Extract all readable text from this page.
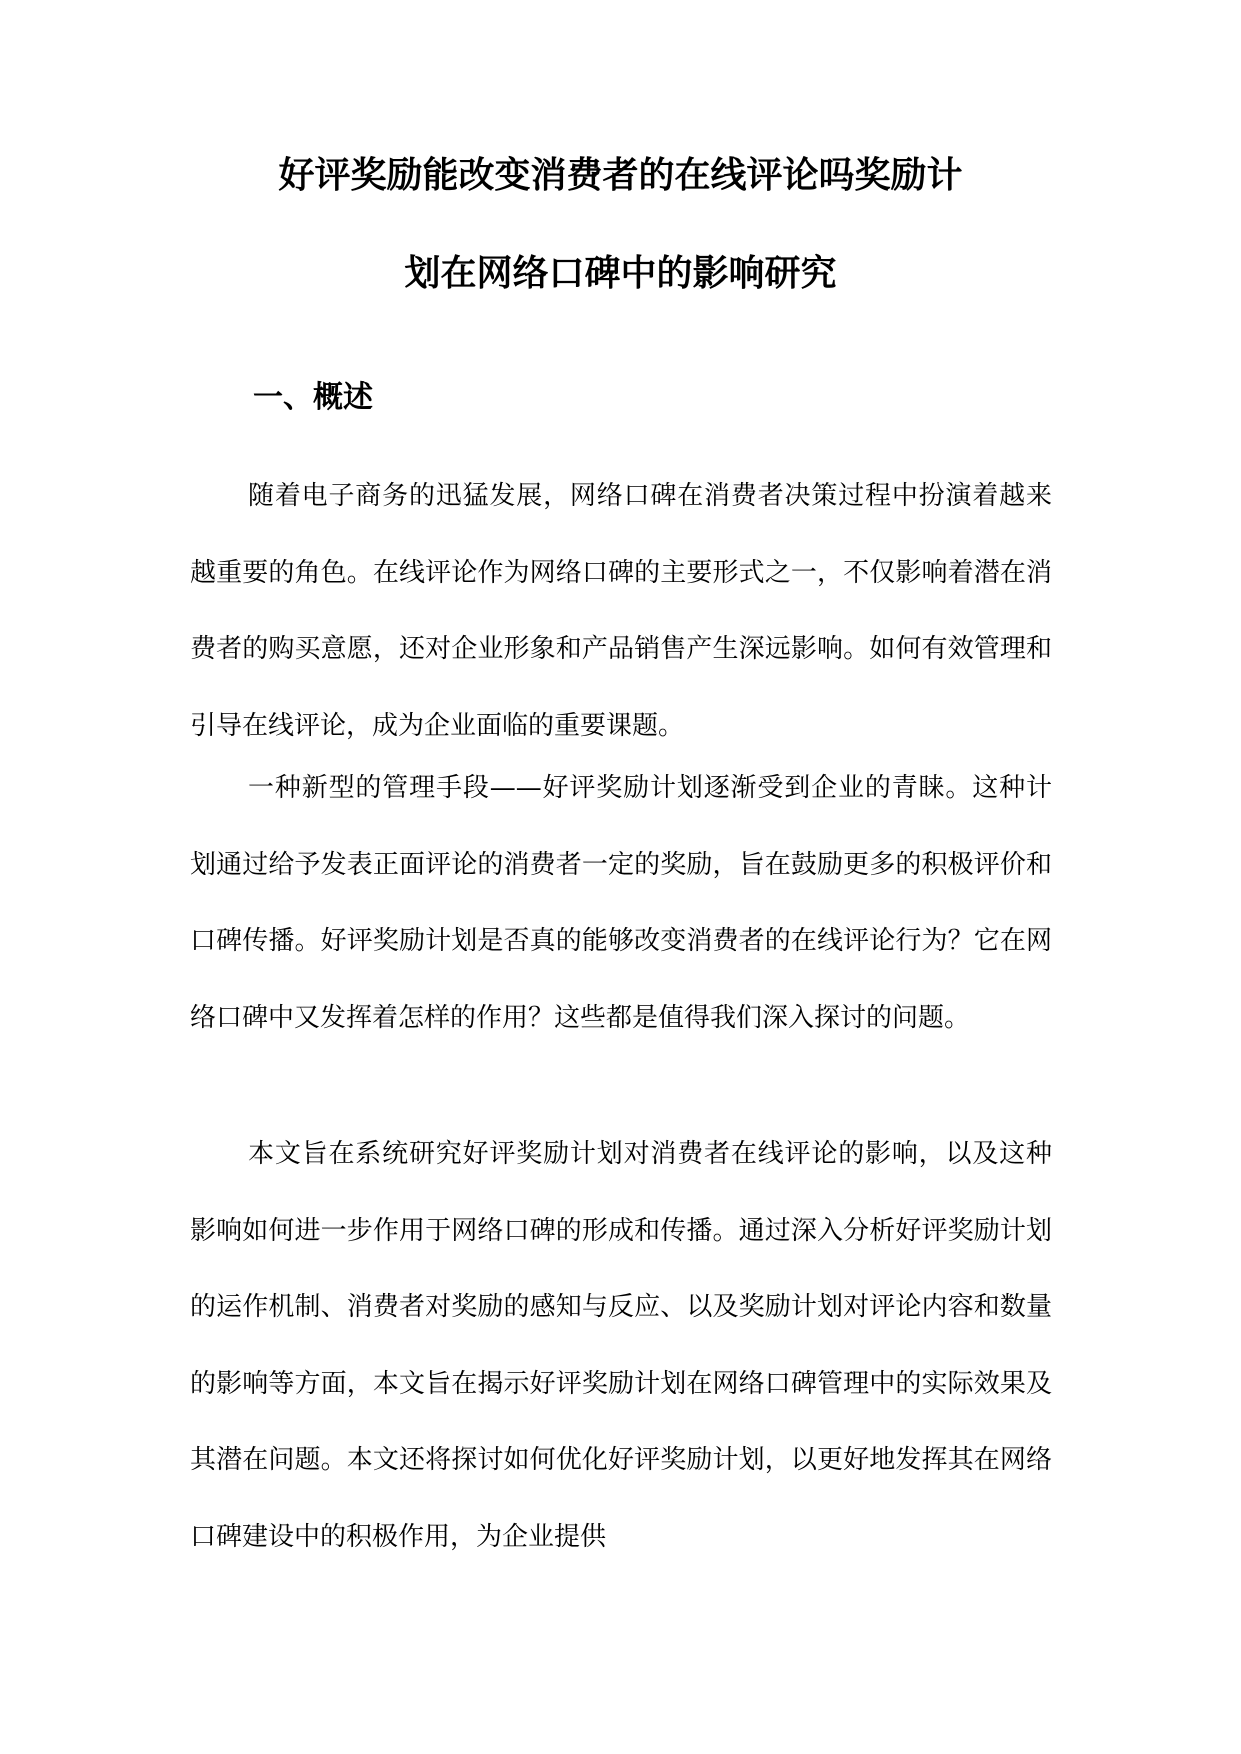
好评奖励能改变消费者的在线评论吗奖励计
划在网络口碑中的影响研究
一、概述
随着电子商务的迅猛发展，网络口碑在消费者决策过程中扮演着越来越重要的角色。在线评论作为网络口碑的主要形式之一，不仅影响着潜在消费者的购买意愿，还对企业形象和产品销售产生深远影响。如何有效管理和引导在线评论，成为企业面临的重要课题。
一种新型的管理手段——好评奖励计划逐渐受到企业的青睐。这种计划通过给予发表正面评论的消费者一定的奖励，旨在鼓励更多的积极评价和口碑传播。好评奖励计划是否真的能够改变消费者的在线评论行为？它在网络口碑中又发挥着怎样的作用？这些都是值得我们深入探讨的问题。
本文旨在系统研究好评奖励计划对消费者在线评论的影响，以及这种影响如何进一步作用于网络口碑的形成和传播。通过深入分析好评奖励计划的运作机制、消费者对奖励的感知与反应、以及奖励计划对评论内容和数量的影响等方面，本文旨在揭示好评奖励计划在网络口碑管理中的实际效果及其潜在问题。本文还将探讨如何优化好评奖励计划，以更好地发挥其在网络口碑建设中的积极作用，为企业提供
